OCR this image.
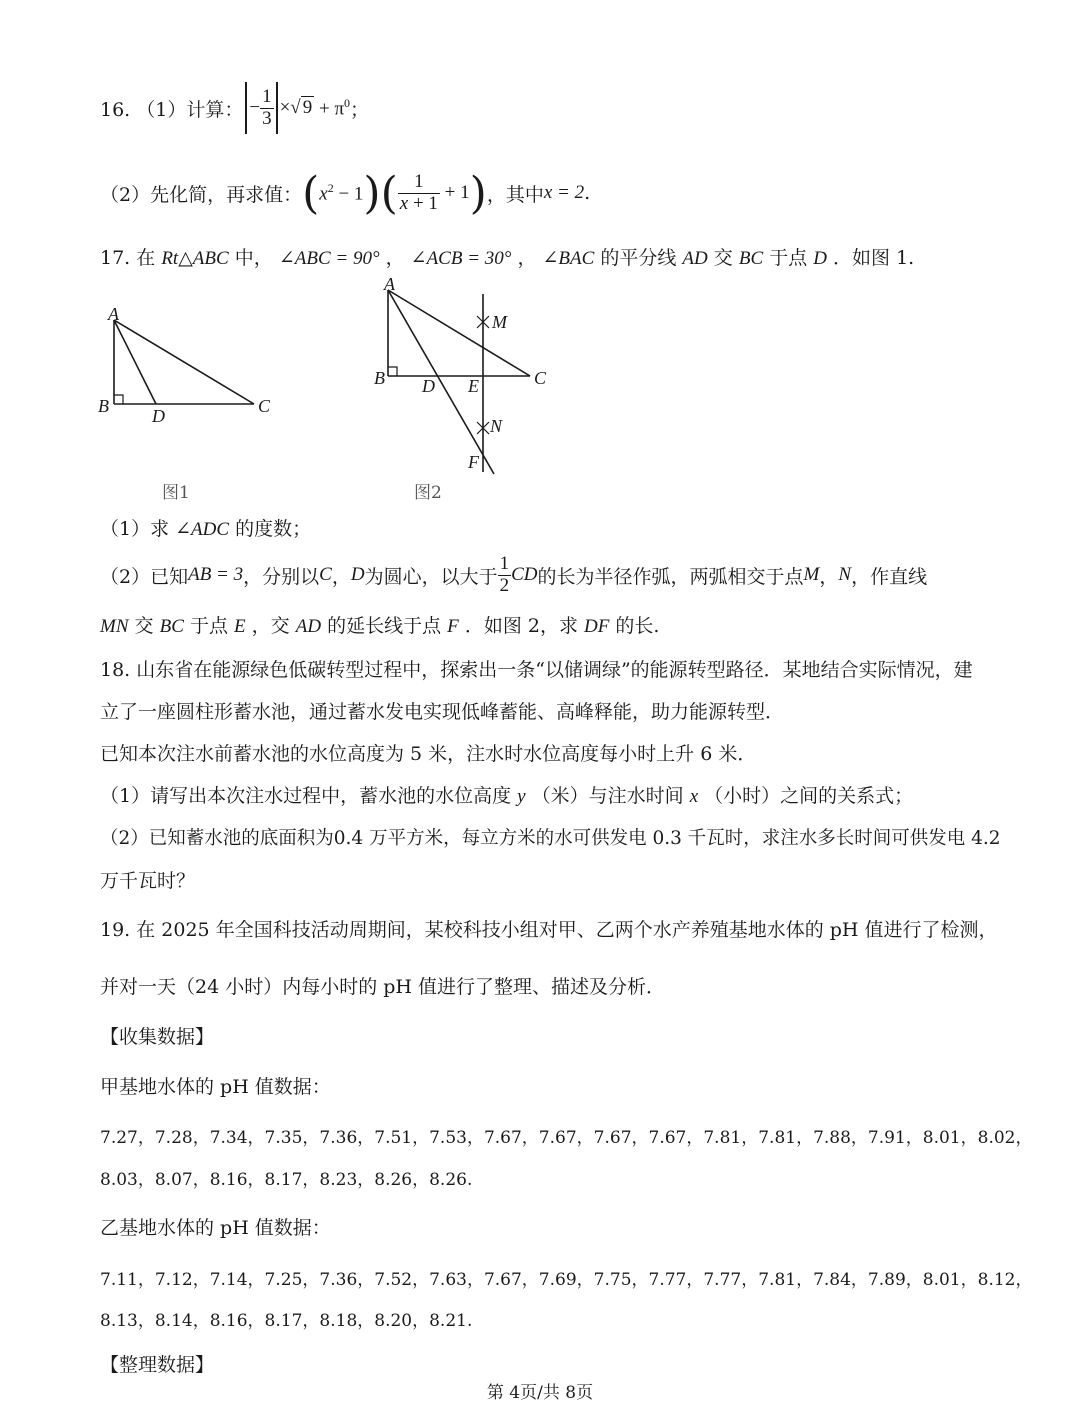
16. （1）计算： − $\frac{1}{3}$ × √ $9 + \pi^0$ ；
（2）先化简，再求值： ( $x^2 - 1$ ) ( $\frac{1}{x + 1} + 1$ ) ，其中 x = 2 .
17. 在 Rt△ABC 中， ∠ABC = 90° ， ∠ACB = 30° ， ∠BAC 的平分线 AD 交 BC 于点 D ．如图 1.
A
B D	C
图1
A
B D E	C
M
N
F
图2
（1）求 ∠ADC 的度数；
（2）已知 AB = 3 ，分别以 C ， D 为圆心，以大于 $\frac{1}{2}$ CD 的长为半径作弧，两弧相交于点 M ， N ，作直线
MN 交 BC 于点 E ，交 AD 的延长线于点 F ．如图 2，求 DF 的长.
18. 山东省在能源绿色低碳转型过程中，探索出一条“以储调绿”的能源转型路径．某地结合实际情况，建
立了一座圆柱形蓄水池，通过蓄水发电实现低峰蓄能、高峰释能，助力能源转型．
已知本次注水前蓄水池的水位高度为 5 米，注水时水位高度每小时上升 6 米．
（1）请写出本次注水过程中，蓄水池的水位高度 y （米）与注水时间 x （小时）之间的关系式；
（2）已知蓄水池的底面积为0.4 万平方米，每立方米的水可供发电 0.3 千瓦时，求注水多长时间可供发电 4.2
万千瓦时？
19. 在 2025 年全国科技活动周期间，某校科技小组对甲、乙两个水产养殖基地水体的 pH 值进行了检测，
并对一天（24 小时）内每小时的 pH 值进行了整理、描述及分析．
【收集数据】
甲基地水体的 pH 值数据：
7.27，7.28，7.34，7.35，7.36，7.51，7.53，7.67，7.67，7.67，7.67，7.81，7.81，7.88，7.91，8.01，8.02，
8.03，8.07，8.16，8.17，8.23，8.26，8.26.
乙基地水体的 pH 值数据：
7.11，7.12，7.14，7.25，7.36，7.52，7.63，7.67，7.69，7.75，7.77，7.77，7.81，7.84，7.89，8.01，8.12，
8.13，8.14，8.16，8.17，8.18，8.20，8.21.
【整理数据】
第 4页/共 8页
